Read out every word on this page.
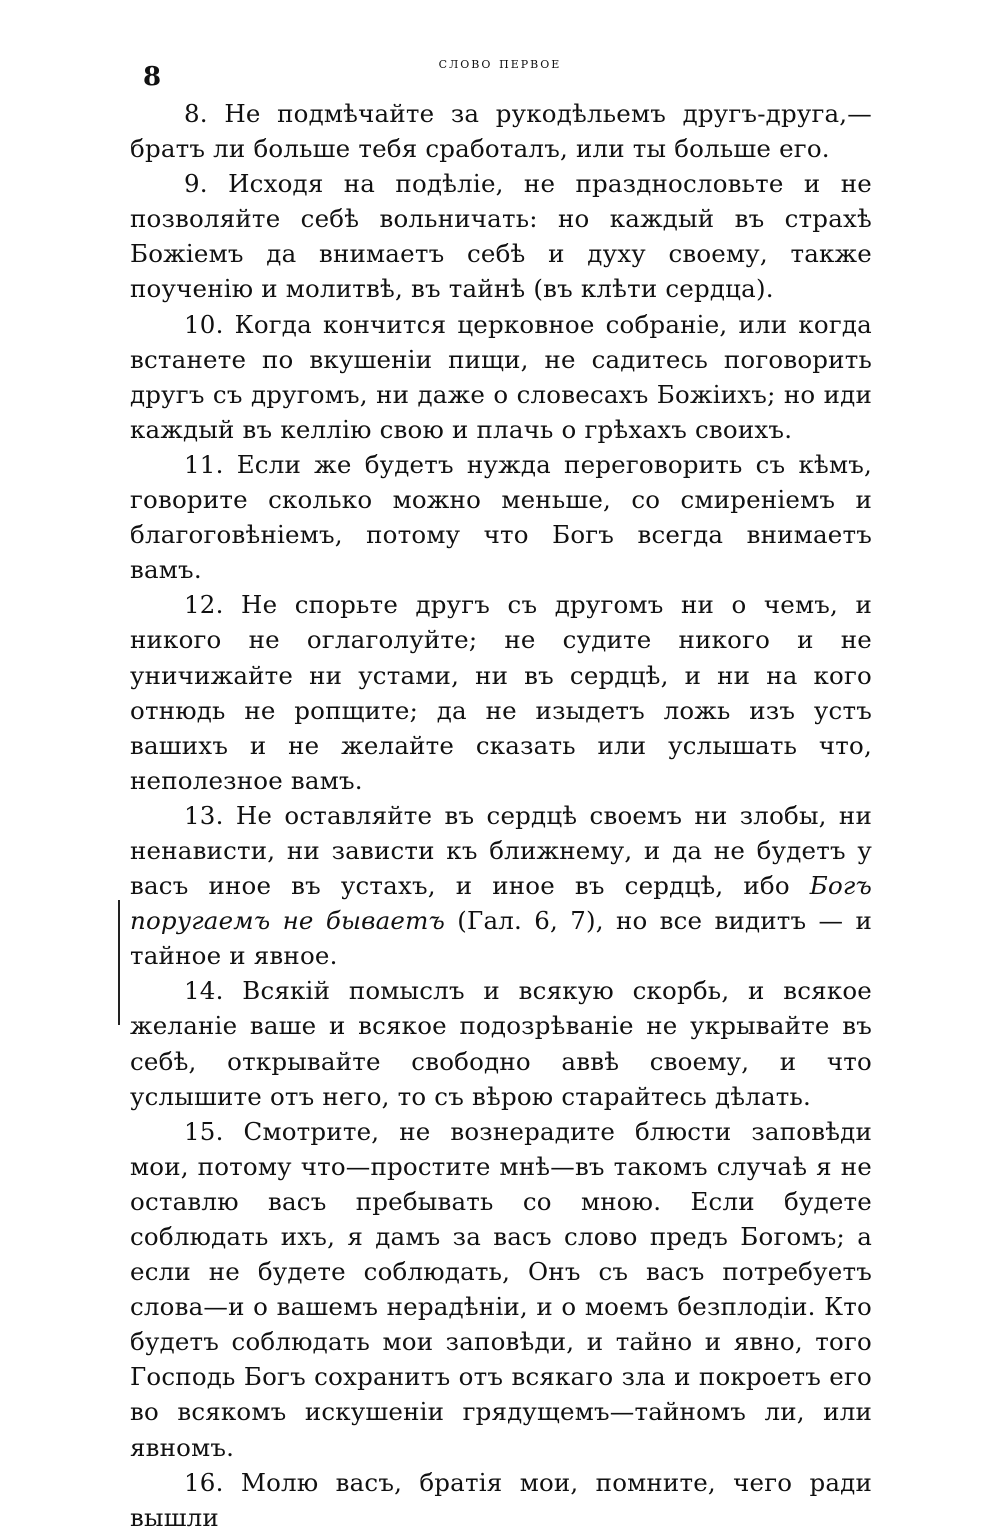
8	слово первое

8. Не подмѣчайте за рукодѣльемъ другъ-друга,—братъ ли больше тебя сработалъ, или ты больше его.

9. Исходя на подѣліе, не празднословьте и не позволяйте себѣ вольничать: но каждый въ страхѣ Божіемъ да внимаетъ себѣ и духу своему, также поученію и молитвѣ, въ тайнѣ (въ клѣти сердца).

10. Когда кончится церковное собраніе, или когда встанете по вкушеніи пищи, не садитесь поговорить другъ съ другомъ, ни даже о словесахъ Божіихъ; но иди каждый въ келлію свою и плачь о грѣхахъ своихъ.

11. Если же будетъ нужда переговорить съ кѣмъ, говорите сколько можно меньше, со смиреніемъ и благоговѣніемъ, потому что Богъ всегда внимаетъ вамъ.

12. Не спорьте другъ съ другомъ ни о чемъ, и никого не оглаголуйте; не судите никого и не уничижайте ни устами, ни въ сердцѣ, и ни на кого отнюдь не ропщите; да не изыдетъ ложь изъ устъ вашихъ и не желайте сказать или услышать что, неполезное вамъ.

13. Не оставляйте въ сердцѣ своемъ ни злобы, ни ненависти, ни зависти къ ближнему, и да не будетъ у васъ иное въ устахъ, и иное въ сердцѣ, ибо Богъ поругаемъ не бываетъ (Гал. 6, 7), но все видитъ — и тайное и явное.

14. Всякій помыслъ и всякую скорбь, и всякое желаніе ваше и всякое подозрѣваніе не укрывайте въ себѣ, открывайте свободно аввѣ своему, и что услышите отъ него, то съ вѣрою старайтесь дѣлать.

15. Смотрите, не вознерадите блюсти заповѣди мои, потому что—простите мнѣ—въ такомъ случаѣ я не оставлю васъ пребывать со мною. Если будете соблюдать ихъ, я дамъ за васъ слово предъ Богомъ; а если не будете соблюдать, Онъ съ васъ потребуетъ слова—и о вашемъ нерадѣніи, и о моемъ безплодіи. Кто будетъ соблюдать мои заповѣди, и тайно и явно, того Господь Богъ сохранитъ отъ всякаго зла и покроетъ его во всякомъ искушеніи грядущемъ—тайномъ ли, или явномъ.

16. Молю васъ, братія мои, помните, чего ради вышли
